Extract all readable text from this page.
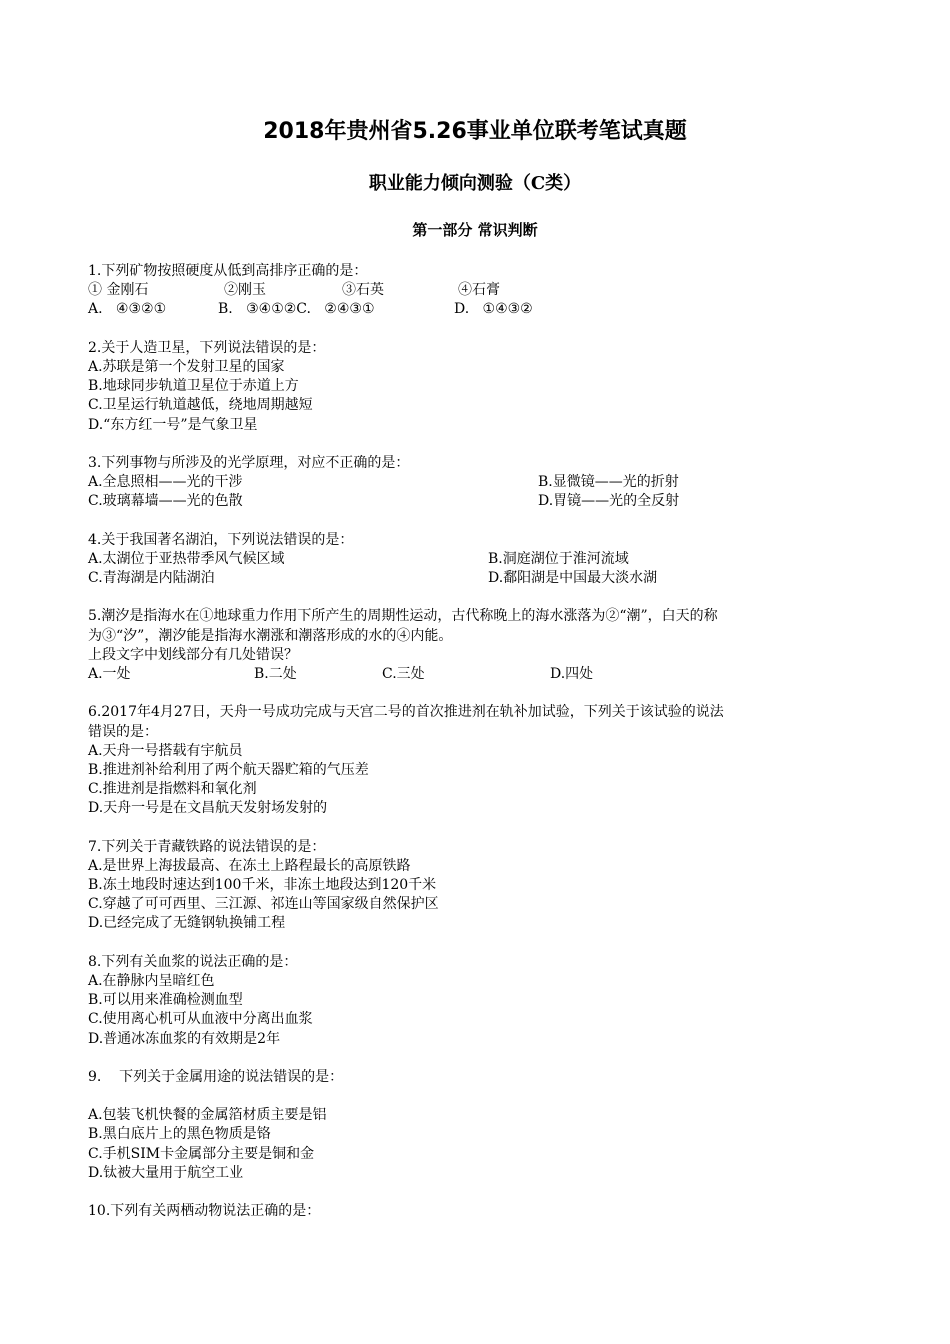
2018年贵州省5.26事业单位联考笔试真题
职业能力倾向测验（C类）
第一部分 常识判断
1.下列矿物按照硬度从低到高排序正确的是：
① 金刚石	②刚玉	③石英	④石膏
A.   ④③②①	B.   ③④①②C.   ②④③①	D.   ①④③②
2.关于人造卫星，下列说法错误的是：
A.苏联是第一个发射卫星的国家
B.地球同步轨道卫星位于赤道上方
C.卫星运行轨道越低，绕地周期越短
D.“东方红一号”是气象卫星
3.下列事物与所涉及的光学原理，对应不正确的是：
A.全息照相——光的干涉	B.显微镜——光的折射
C.玻璃幕墙——光的色散	D.胃镜——光的全反射
4.关于我国著名湖泊，下列说法错误的是：
A.太湖位于亚热带季风气候区域	B.洞庭湖位于淮河流域
C.青海湖是内陆湖泊	D.鄱阳湖是中国最大淡水湖
5.潮汐是指海水在①地球重力作用下所产生的周期性运动，古代称晚上的海水涨落为②“潮”，白天的称
为③“汐”，潮汐能是指海水潮涨和潮落形成的水的④内能。
上段文字中划线部分有几处错误？
A.一处	B.二处	C.三处	D.四处
6.2017年4月27日，天舟一号成功完成与天宫二号的首次推进剂在轨补加试验，下列关于该试验的说法
错误的是：
A.天舟一号搭载有宇航员
B.推进剂补给利用了两个航天器贮箱的气压差
C.推进剂是指燃料和氧化剂
D.天舟一号是在文昌航天发射场发射的
7.下列关于青藏铁路的说法错误的是：
A.是世界上海拔最高、在冻土上路程最长的高原铁路
B.冻土地段时速达到100千米，非冻土地段达到120千米
C.穿越了可可西里、三江源、祁连山等国家级自然保护区
D.已经完成了无缝钢轨换铺工程
8.下列有关血浆的说法正确的是：
A.在静脉内呈暗红色
B.可以用来准确检测血型
C.使用离心机可从血液中分离出血浆
D.普通冰冻血浆的有效期是2年
9.    下列关于金属用途的说法错误的是：
A.包装飞机快餐的金属箔材质主要是铝
B.黑白底片上的黑色物质是铬
C.手机SIM卡金属部分主要是铜和金
D.钛被大量用于航空工业
10.下列有关两栖动物说法正确的是：
